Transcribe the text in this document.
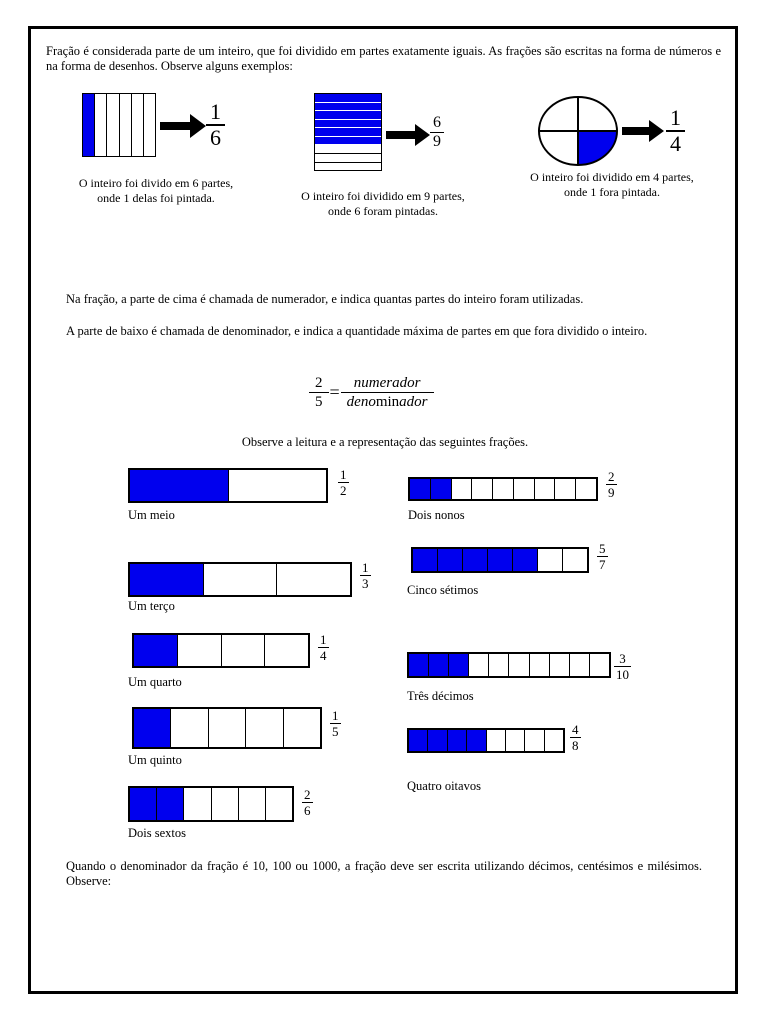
Fração é considerada parte de um inteiro, que foi dividido em partes exatamente iguais. As frações são escritas na forma de números e na forma de desenhos. Observe alguns exemplos:

1
6
O inteiro foi divido em 6 partes, onde 1 delas foi pintada.
6
9
O inteiro foi dividido em 9 partes, onde 6 foram pintadas.
1
4
O inteiro foi dividido em 4 partes, onde 1 fora pintada.

Na fração, a parte de cima é chamada de numerador, e indica quantas partes do inteiro foram utilizadas.

A parte de baixo é chamada de denominador, e indica a quantidade máxima de partes em que fora dividido o inteiro.

2
5 = numerador
denominador
Observe a leitura e a representação das seguintes frações.
1
2
Um meio
1
3
Um terço
1
4
Um quarto
1
5
Um quinto
2
6
Dois sextos
2
9
Dois nonos
5
7
Cinco sétimos
3
10
Três décimos
4
8
Quatro oitavos

Quando o denominador da fração é 10, 100 ou 1000, a fração deve ser escrita utilizando décimos, centésimos e milésimos. Observe:
